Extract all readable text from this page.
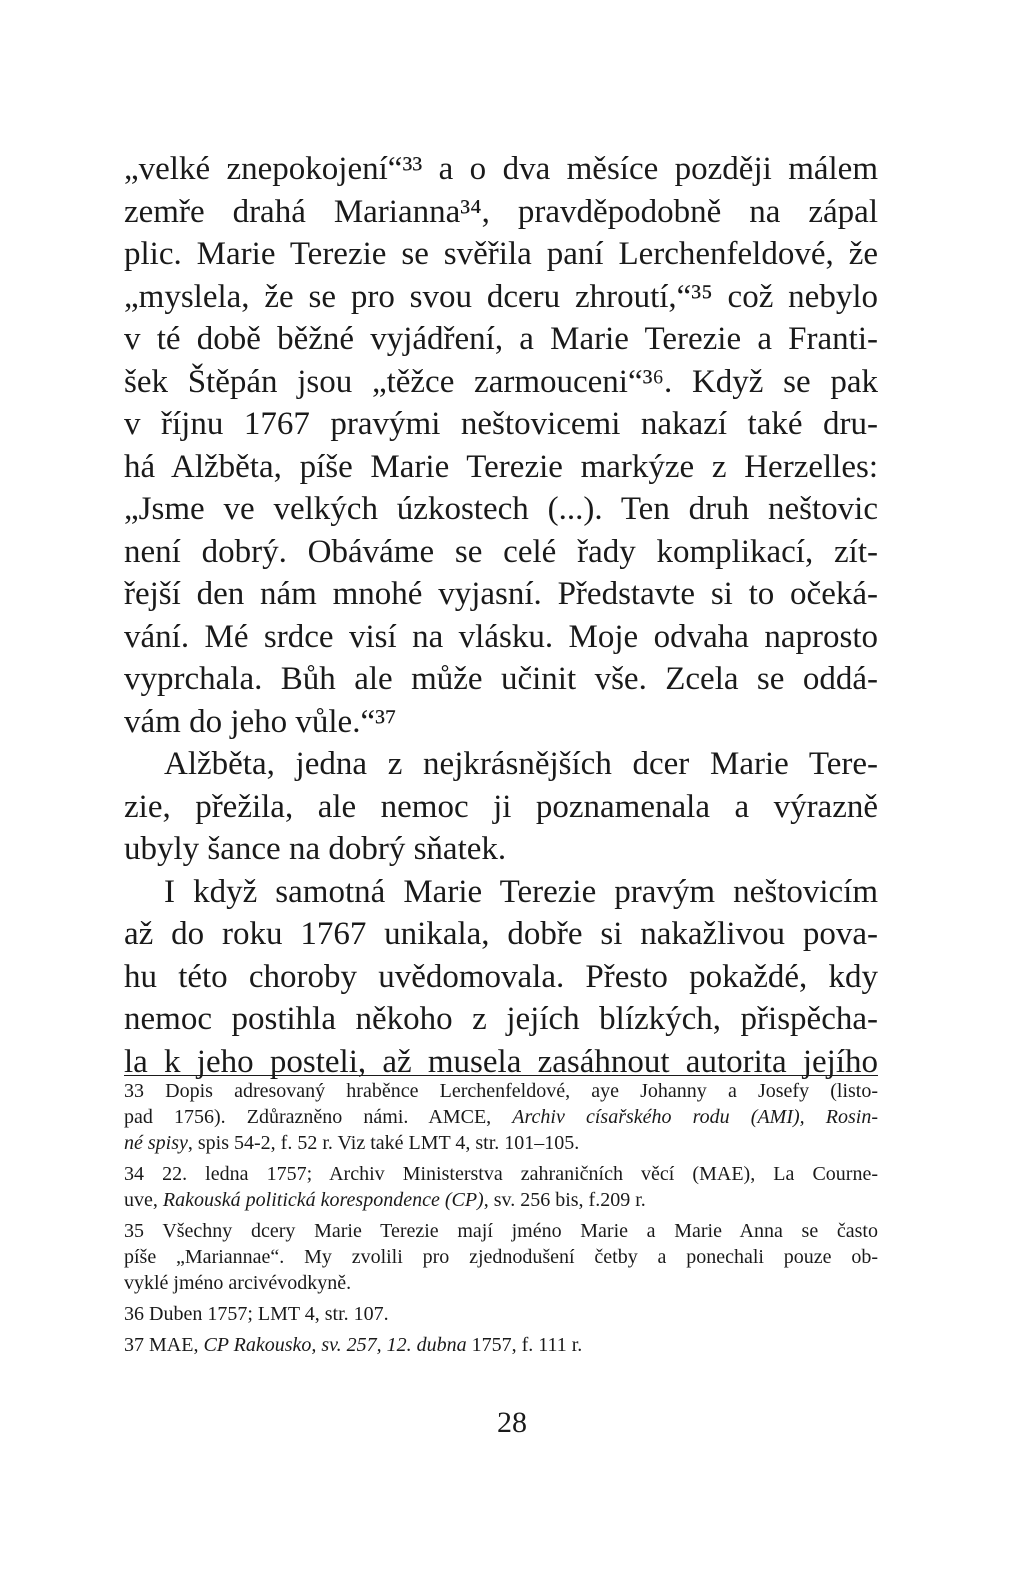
„velké znepokojení“³³ a o dva měsíce později málem
zemře drahá Marianna³⁴, pravděpodobně na zápal
plic. Marie Terezie se svěřila paní Lerchenfeldové, že
„myslela, že se pro svou dceru zhroutí,“³⁵ což nebylo
v té době běžné vyjádření, a Marie Terezie a Franti-
šek Štěpán jsou „těžce zarmouceni“³⁶. Když se pak
v říjnu 1767 pravými neštovicemi nakazí také dru-
há Alžběta, píše Marie Terezie markýze z Herzelles:
„Jsme ve velkých úzkostech (...). Ten druh neštovic
není dobrý. Obáváme se celé řady komplikací, zít-
řejší den nám mnohé vyjasní. Představte si to očeká-
vání. Mé srdce visí na vlásku. Moje odvaha naprosto
vyprchala. Bůh ale může učinit vše. Zcela se oddá-
vám do jeho vůle.“³⁷
Alžběta, jedna z nejkrásnějších dcer Marie Tere-
zie, přežila, ale nemoc ji poznamenala a výrazně
ubyly šance na dobrý sňatek.
I když samotná Marie Terezie pravým neštovicím
až do roku 1767 unikala, dobře si nakažlivou pova-
hu této choroby uvědomovala. Přesto pokaždé, kdy
nemoc postihla někoho z jejích blízkých, přispěcha-
la k jeho posteli, až musela zasáhnout autorita jejího
33 Dopis adresovaný hraběnce Lerchenfeldové, aye Johanny a Josefy (listo-
pad 1756). Zdůrazněno námi. AMCE, Archiv císařského rodu (AMI), Rosin-
né spisy, spis 54-2, f. 52 r. Viz také LMT 4, str. 101–105.
34 22. ledna 1757; Archiv Ministerstva zahraničních věcí (MAE), La Courne-
uve, Rakouská politická korespondence (CP), sv. 256 bis, f.209 r.
35 Všechny dcery Marie Terezie mají jméno Marie a Marie Anna se často
píše „Mariannae“. My zvolili pro zjednodušení četby a ponechali pouze ob-
vyklé jméno arcivévodkyně.
36 Duben 1757; LMT 4, str. 107.
37 MAE, CP Rakousko, sv. 257, 12. dubna 1757, f. 111 r.
28
